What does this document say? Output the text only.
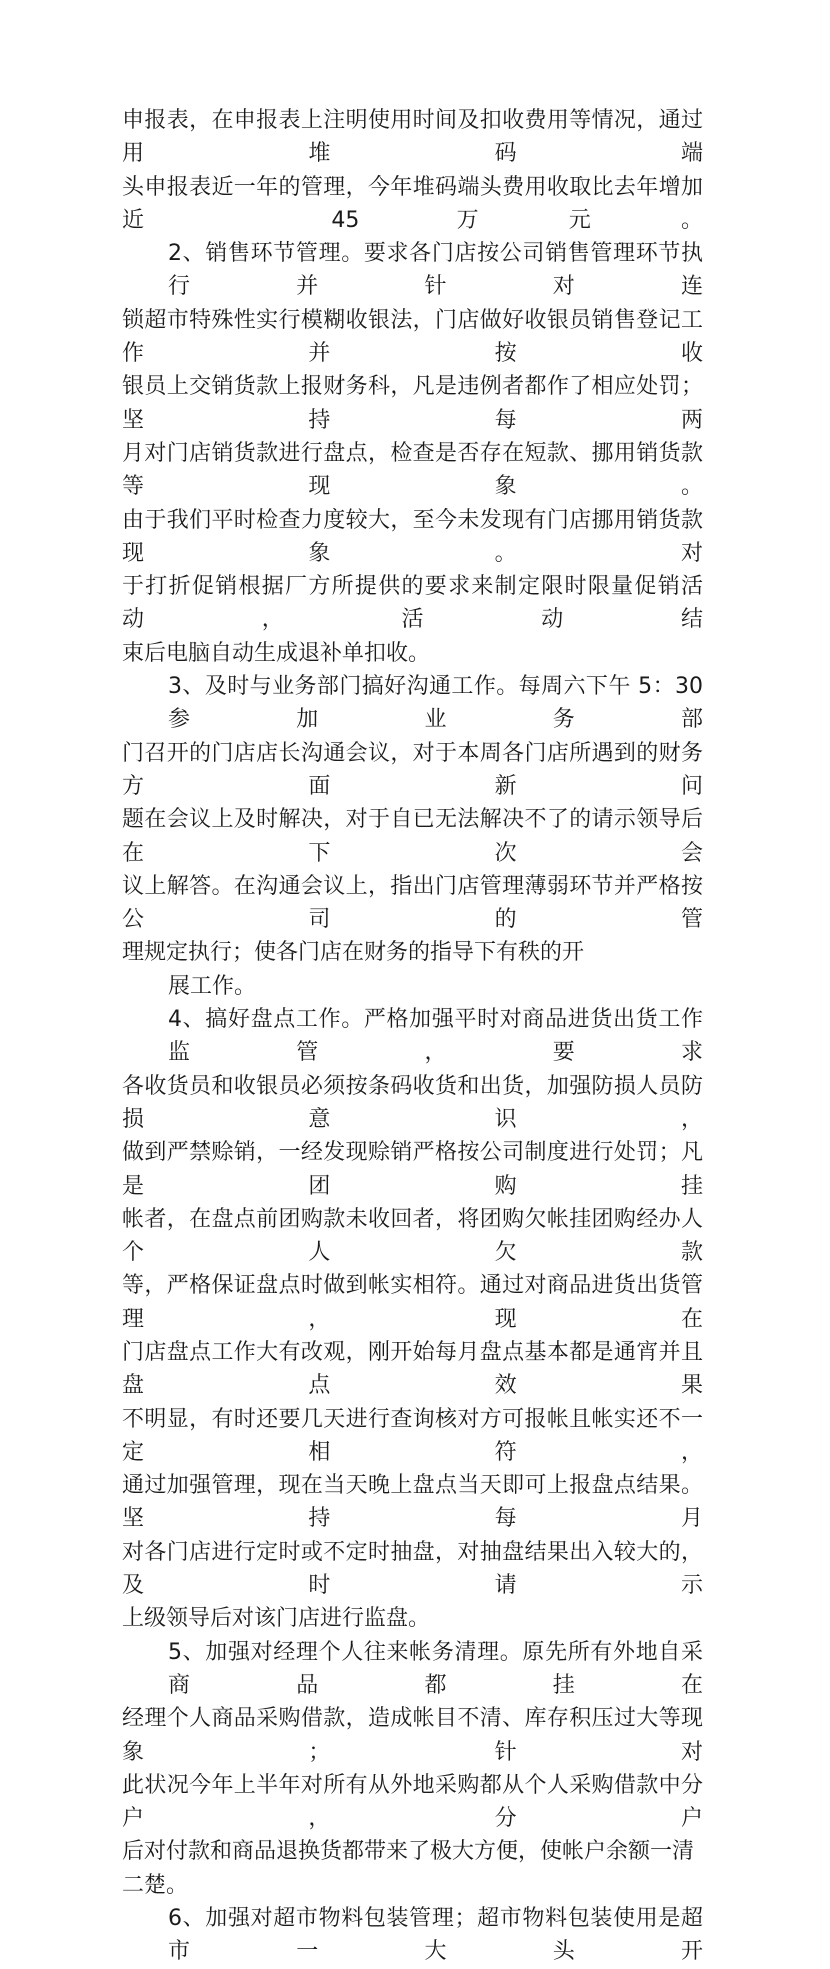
申报表，在申报表上注明使用时间及扣收费用等情况，通过用堆码端
头申报表近一年的管理，今年堆码端头费用收取比去年增加近 45 万元。
2、销售环节管理。要求各门店按公司销售管理环节执行并针对连
锁超市特殊性实行模糊收银法，门店做好收银员销售登记工作并按收
银员上交销货款上报财务科，凡是违例者都作了相应处罚；坚持每两
月对门店销货款进行盘点，检查是否存在短款、挪用销货款等现象。
由于我们平时检查力度较大，至今未发现有门店挪用销货款现象。对
于打折促销根据厂方所提供的要求来制定限时限量促销活动，活动结
束后电脑自动生成退补单扣收。
3、及时与业务部门搞好沟通工作。每周六下午 5：30 参加业务部
门召开的门店店长沟通会议，对于本周各门店所遇到的财务方面新问
题在会议上及时解决，对于自已无法解决不了的请示领导后在下次会
议上解答。在沟通会议上，指出门店管理薄弱环节并严格按公司的管
理规定执行；使各门店在财务的指导下有秩的开
展工作。
4、搞好盘点工作。严格加强平时对商品进货出货工作监管，要求
各收货员和收银员必须按条码收货和出货，加强防损人员防损意识，
做到严禁赊销，一经发现赊销严格按公司制度进行处罚；凡是团购挂
帐者，在盘点前团购款未收回者，将团购欠帐挂团购经办人个人欠款
等，严格保证盘点时做到帐实相符。通过对商品进货出货管理，现在
门店盘点工作大有改观，刚开始每月盘点基本都是通宵并且盘点效果
不明显，有时还要几天进行查询核对方可报帐且帐实还不一定相符，
通过加强管理，现在当天晚上盘点当天即可上报盘点结果。坚持每月
对各门店进行定时或不定时抽盘，对抽盘结果出入较大的，及时请示
上级领导后对该门店进行监盘。
5、加强对经理个人往来帐务清理。原先所有外地自采商品都挂在
经理个人商品采购借款，造成帐目不清、库存积压过大等现象；针对
此状况今年上半年对所有从外地采购都从个人采购借款中分户，分户
后对付款和商品退换货都带来了极大方便，使帐户余额一清二楚。
6、加强对超市物料包装管理；超市物料包装使用是超市一大头开
